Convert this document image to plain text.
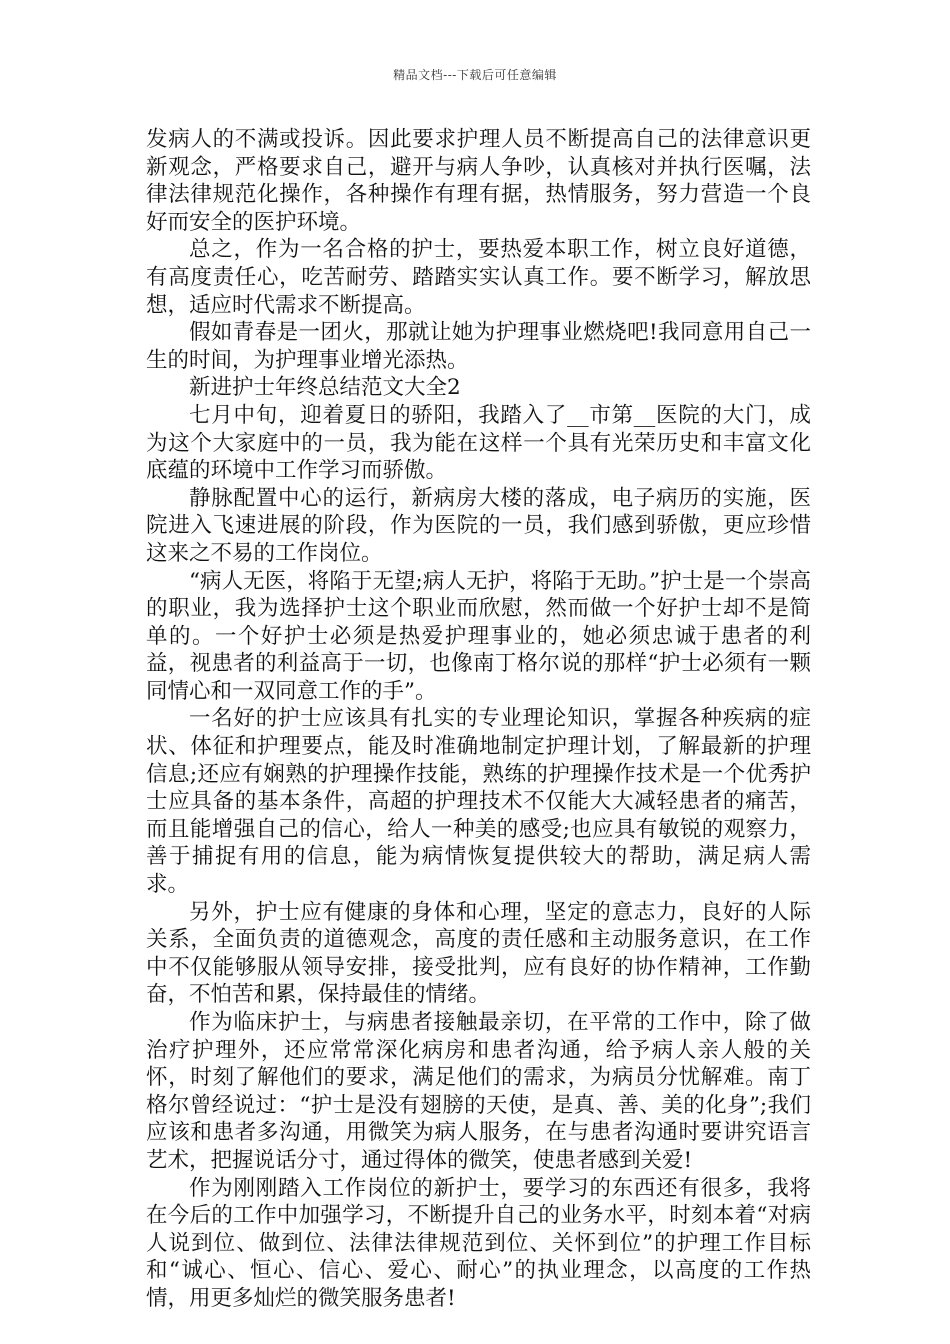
精品文档---下载后可任意编辑

发病人的不满或投诉。因此要求护理人员不断提高自己的法律意识更新观念，严格要求自己，避开与病人争吵，认真核对并执行医嘱，法律法律规范化操作，各种操作有理有据，热情服务，努力营造一个良好而安全的医护环境。

总之，作为一名合格的护士，要热爱本职工作，树立良好道德，有高度责任心，吃苦耐劳、踏踏实实认真工作。要不断学习，解放思想，适应时代需求不断提高。

假如青春是一团火，那就让她为护理事业燃烧吧!我同意用自己一生的时间，为护理事业增光添热。

新进护士年终总结范文大全2

七月中旬，迎着夏日的骄阳，我踏入了__市第__医院的大门，成为这个大家庭中的一员，我为能在这样一个具有光荣历史和丰富文化底蕴的环境中工作学习而骄傲。

静脉配置中心的运行，新病房大楼的落成，电子病历的实施，医院进入飞速进展的阶段，作为医院的一员，我们感到骄傲，更应珍惜这来之不易的工作岗位。

“病人无医，将陷于无望;病人无护，将陷于无助。”护士是一个崇高的职业，我为选择护士这个职业而欣慰，然而做一个好护士却不是简单的。一个好护士必须是热爱护理事业的，她必须忠诚于患者的利益，视患者的利益高于一切，也像南丁格尔说的那样“护士必须有一颗同情心和一双同意工作的手”。

一名好的护士应该具有扎实的专业理论知识，掌握各种疾病的症状、体征和护理要点，能及时准确地制定护理计划，了解最新的护理信息;还应有娴熟的护理操作技能，熟练的护理操作技术是一个优秀护士应具备的基本条件，高超的护理技术不仅能大大减轻患者的痛苦，而且能增强自己的信心，给人一种美的感受;也应具有敏锐的观察力，善于捕捉有用的信息，能为病情恢复提供较大的帮助，满足病人需求。

另外，护士应有健康的身体和心理，坚定的意志力，良好的人际关系，全面负责的道德观念，高度的责任感和主动服务意识，在工作中不仅能够服从领导安排，接受批判，应有良好的协作精神，工作勤奋，不怕苦和累，保持最佳的情绪。

作为临床护士，与病患者接触最亲切，在平常的工作中，除了做治疗护理外，还应常常深化病房和患者沟通，给予病人亲人般的关怀，时刻了解他们的要求，满足他们的需求，为病员分忧解难。南丁格尔曾经说过：“护士是没有翅膀的天使，是真、善、美的化身”;我们应该和患者多沟通，用微笑为病人服务，在与患者沟通时要讲究语言艺术，把握说话分寸，通过得体的微笑，使患者感到关爱!

作为刚刚踏入工作岗位的新护士，要学习的东西还有很多，我将在今后的工作中加强学习，不断提升自己的业务水平，时刻本着“对病人说到位、做到位、法律法律规范到位、关怀到位”的护理工作目标和“诚心、恒心、信心、爱心、耐心”的执业理念，以高度的工作热情，用更多灿烂的微笑服务患者!
